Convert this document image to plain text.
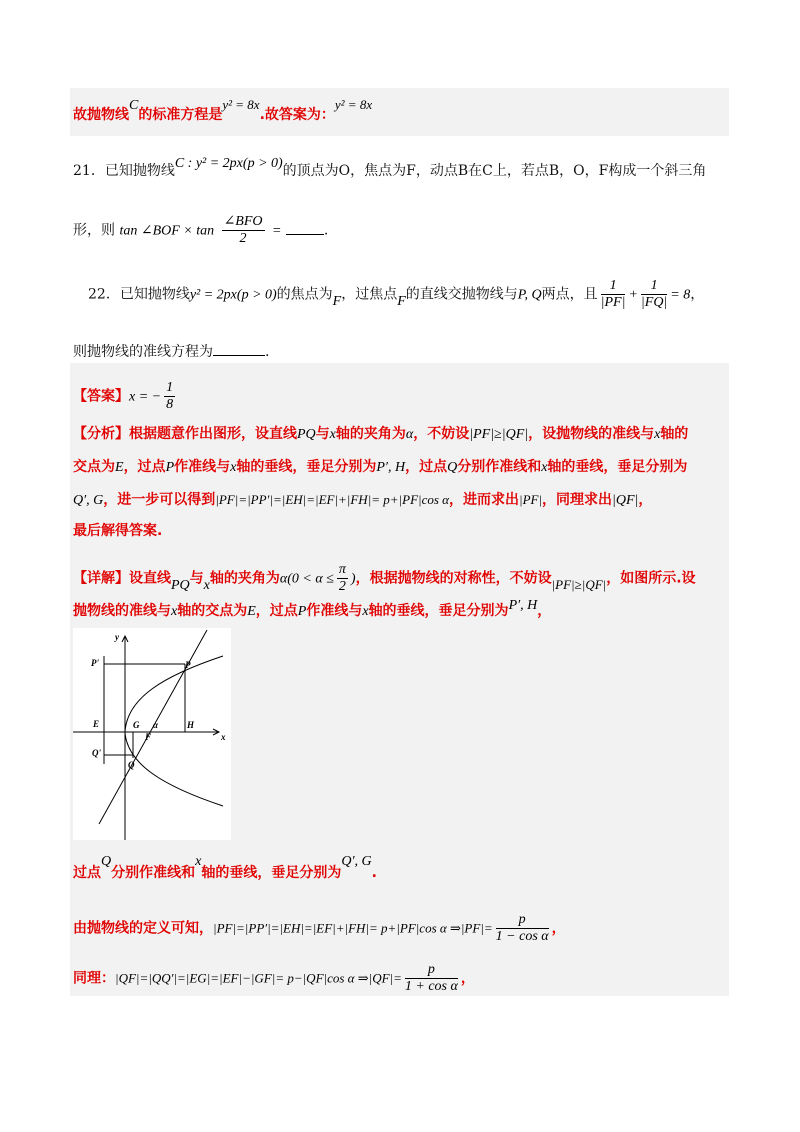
故抛物线C的标准方程是y² = 8x.故答案为：y² = 8x
21．已知抛物线C : y² = 2px(p > 0)的顶点为O，焦点为F，动点B在C上，若点B，O，F构成一个斜三角
形，则 tan ∠BOF × $\tan \frac{\text{∠BFO}}{2}$ =	.
22．已知抛物线y² = 2px(p > 0)的焦点为F，过焦点F的直线交抛物线与P, Q两点，且 $\frac{1}{|PF|} + \frac{1}{|FQ|} = 8$，
则抛物线的准线方程为	.
【答案】x = − $\frac{1}{8}$
【分析】根据题意作出图形，设直线PQ与x轴的夹角为α，不妨设|PF|≥|QF|，设抛物线的准线与x轴的
交点为E，过点P作准线与x轴的垂线，垂足分别为P′, H，过点Q分别作准线和x轴的垂线，垂足分别为
Q′, G，进一步可以得到|PF|=|PP′|=|EH|=|EF|+|FH|= p+|PF|cos α，进而求出|PF|，同理求出|QF|，
最后解得答案.
【详解】设直线PQ与x轴的夹角为$\alpha(0 < \alpha \le \frac{\pi}{2}$ )，根据抛物线的对称性，不妨设|PF|≥|QF|，如图所示.设
抛物线的准线与x轴的交点为E，过点P作准线与x轴的垂线，垂足分别为P′, H，
y
x
P'	P
E	G α	H
F
Q'
Q
过点Q分别作准线和x轴的垂线，垂足分别为Q′, G.
由抛物线的定义可知，|PF|=|PP′|=|EH|=|EF|+|FH|= p+|PF|cos α ⇒|PF|= $\frac{p}{\text{1 − cos α}}$ ，
同理：|QF|=|QQ′|=|EG|=|EF|−|GF|= p−|QF|cos α ⇒|QF|= $\frac{p}{\text{1 + cos α}}$ ，
